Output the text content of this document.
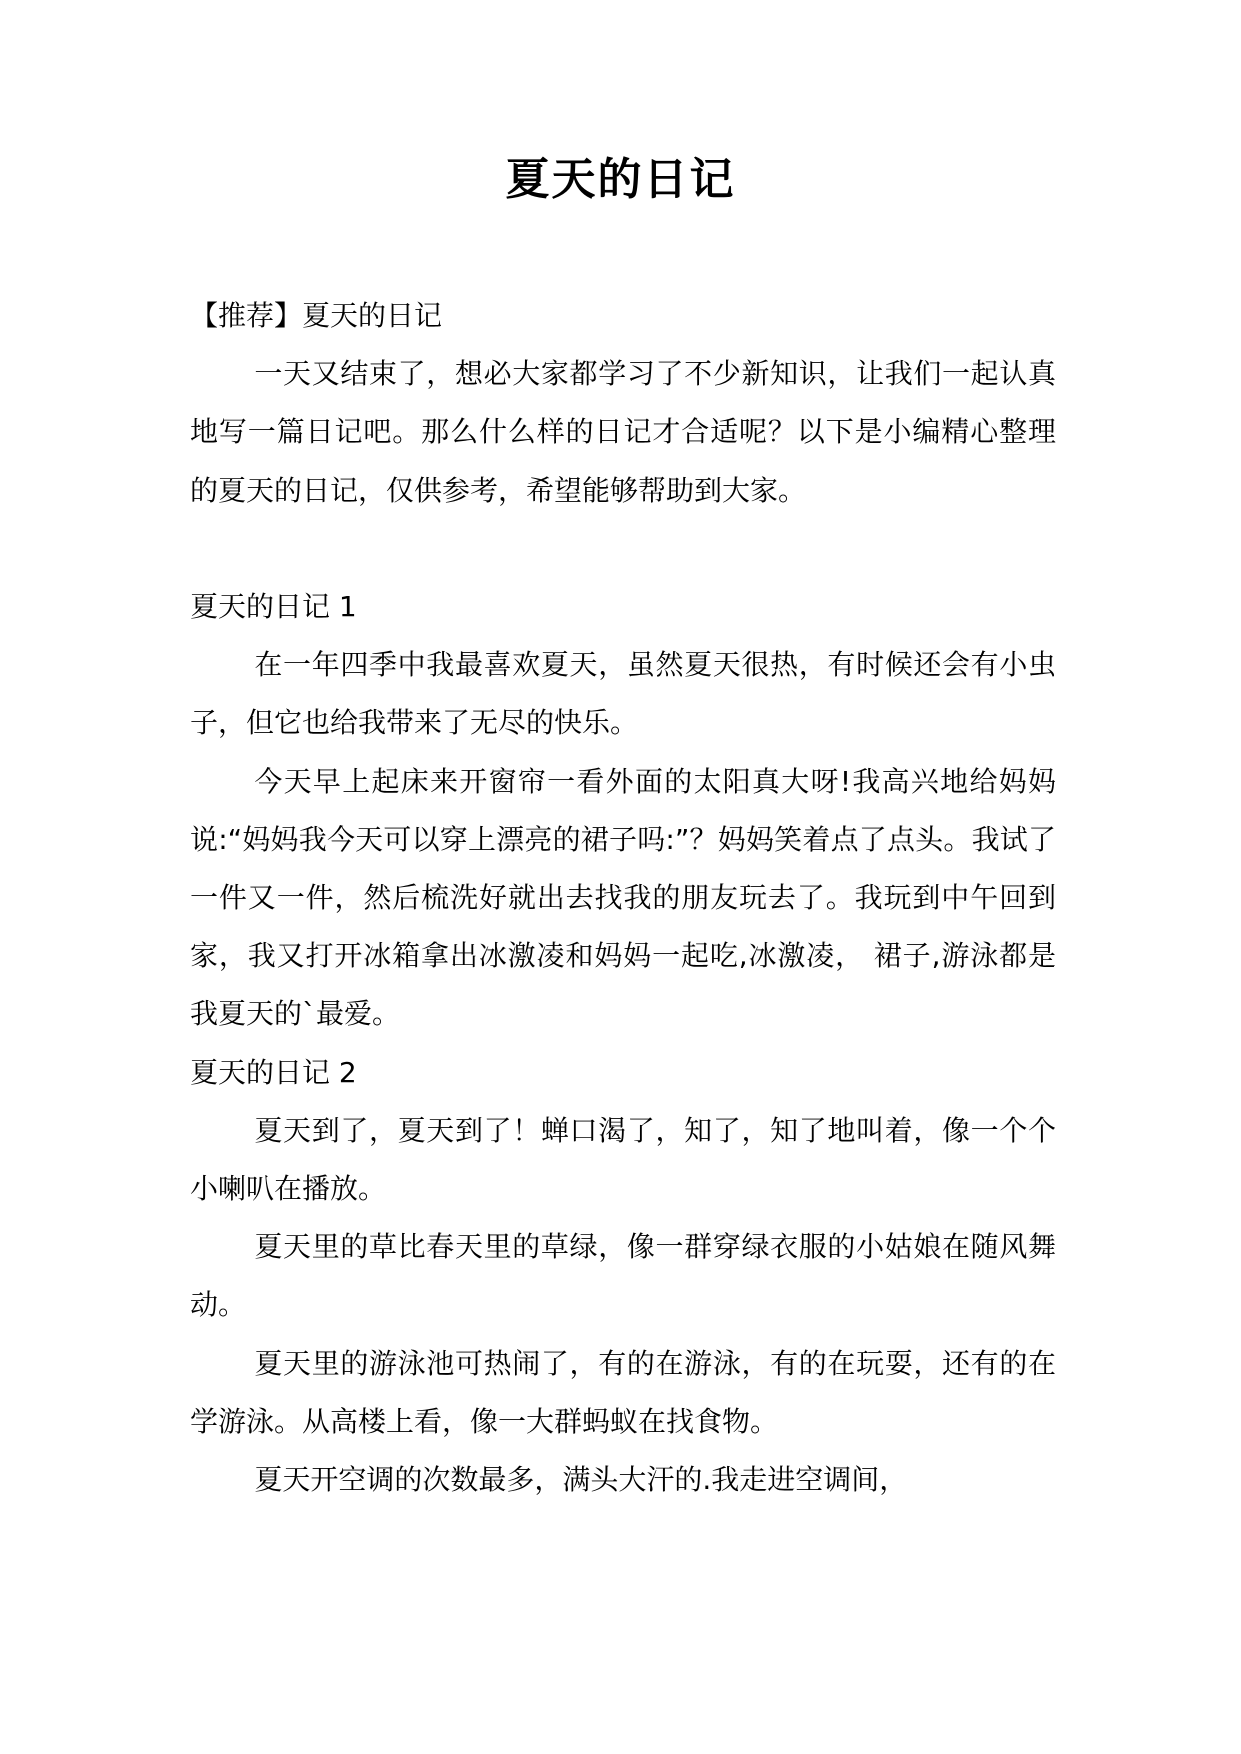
夏天的日记

【推荐】夏天的日记

一天又结束了，想必大家都学习了不少新知识，让我们一起认真地写一篇日记吧。那么什么样的日记才合适呢？以下是小编精心整理的夏天的日记，仅供参考，希望能够帮助到大家。

夏天的日记 1

在一年四季中我最喜欢夏天，虽然夏天很热，有时候还会有小虫子，但它也给我带来了无尽的快乐。

今天早上起床来开窗帘一看外面的太阳真大呀!我高兴地给妈妈说:“妈妈我今天可以穿上漂亮的裙子吗:”？妈妈笑着点了点头。我试了一件又一件，然后梳洗好就出去找我的朋友玩去了。我玩到中午回到家，我又打开冰箱拿出冰激凌和妈妈一起吃,冰激凌， 裙子,游泳都是我夏天的`最爱。

夏天的日记 2

夏天到了，夏天到了！蝉口渴了，知了，知了地叫着，像一个个小喇叭在播放。

夏天里的草比春天里的草绿，像一群穿绿衣服的小姑娘在随风舞动。

夏天里的游泳池可热闹了，有的在游泳，有的在玩耍，还有的在学游泳。从高楼上看，像一大群蚂蚁在找食物。

夏天开空调的次数最多，满头大汗的.我走进空调间，
